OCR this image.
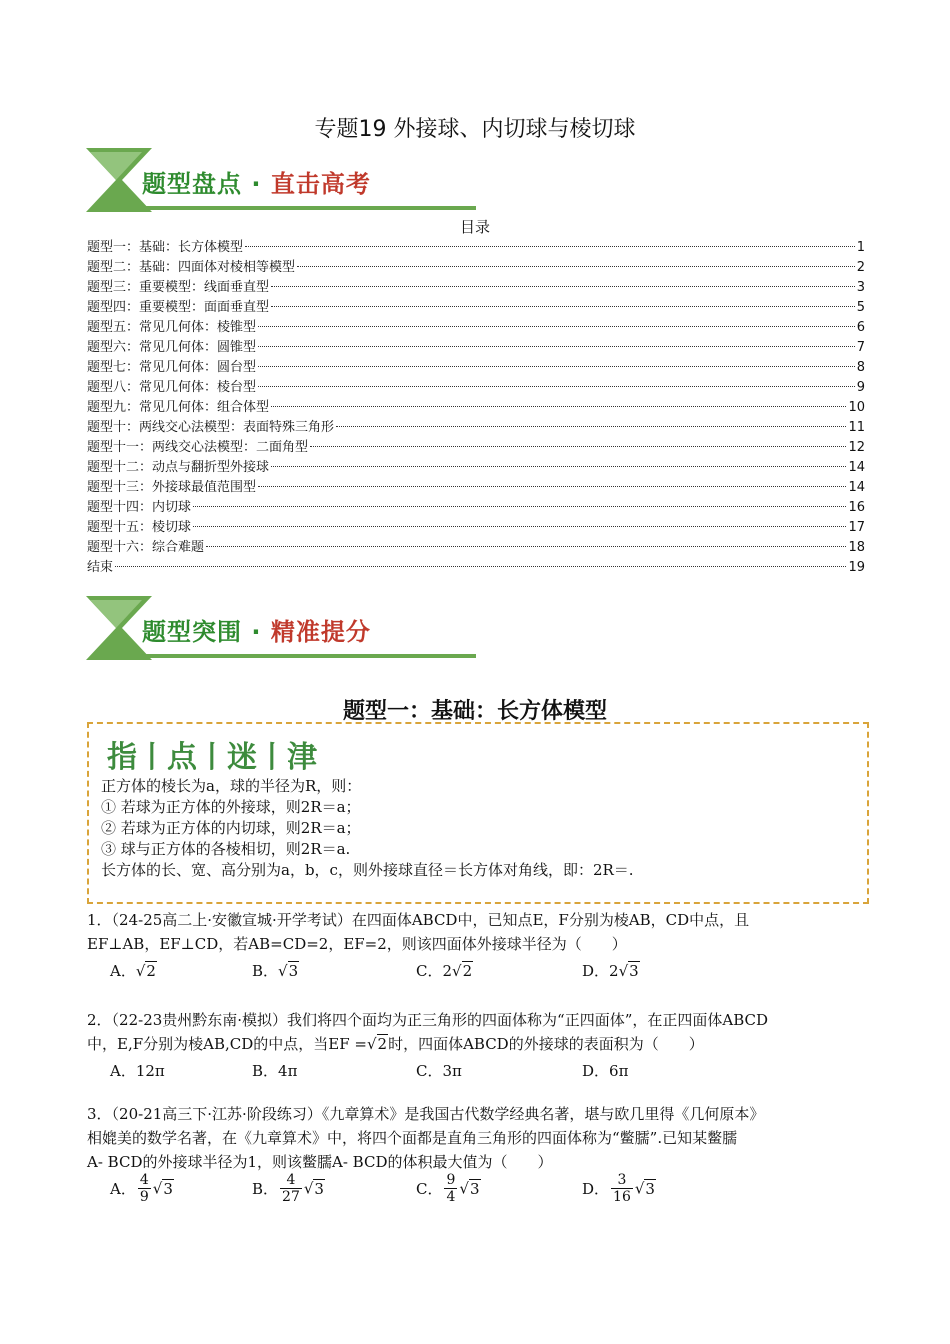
专题19 外接球、内切球与棱切球
题型盘点 · 直击高考
目录
题型一：基础：长方体模型	1
题型二：基础：四面体对棱相等模型	2
题型三：重要模型：线面垂直型	3
题型四：重要模型：面面垂直型	5
题型五：常见几何体：棱锥型	6
题型六：常见几何体：圆锥型	7
题型七：常见几何体：圆台型	8
题型八：常见几何体：棱台型	9
题型九：常见几何体：组合体型	10
题型十：两线交心法模型：表面特殊三角形	11
题型十一：两线交心法模型：二面角型	12
题型十二：动点与翻折型外接球	14
题型十三：外接球最值范围型	14
题型十四：内切球	16
题型十五：棱切球	17
题型十六：综合难题	18
结束	19
题型突围 · 精准提分
题型一：基础：长方体模型
指丨点丨迷丨津
正方体的棱长为a，球的半径为R，则：
① 若球为正方体的外接球，则2R＝a；
② 若球为正方体的内切球，则2R＝a；
③ 球与正方体的各棱相切，则2R＝a.
长方体的长、宽、高分别为a，b，c，则外接球直径＝长方体对角线，即：2R＝.
1．（24-25高二上·安徽宣城·开学考试）在四面体ABCD中，已知点E，F分别为棱AB，CD中点，且
EF⊥AB，EF⊥CD，若AB=CD=2，EF=2，则该四面体外接球半径为（　　）
A．√2	B．√3	C．2√2	D．2√3
2．（22-23贵州黔东南·模拟）我们将四个面均为正三角形的四面体称为“正四面体”，在正四面体ABCD
中，E,F分别为棱AB,CD的中点，当EF =√2时，四面体ABCD的外接球的表面积为（　　）
A．12π	B．4π	C．3π	D．6π
3．（20-21高三下·江苏·阶段练习）《九章算术》是我国古代数学经典名著，堪与欧几里得《几何原本》
相媲美的数学名著，在《九章算术》中，将四个面都是直角三角形的四面体称为“鳖臑”.已知某鳖臑
A- BCD的外接球半径为1，则该鳖臑A- BCD的体积最大值为（　　）
A． $\frac{4}{9} √3$	B． $\frac{4}{27} √3$	C． $\frac{9}{4} √3$	D． $\frac{3}{16} √3$
